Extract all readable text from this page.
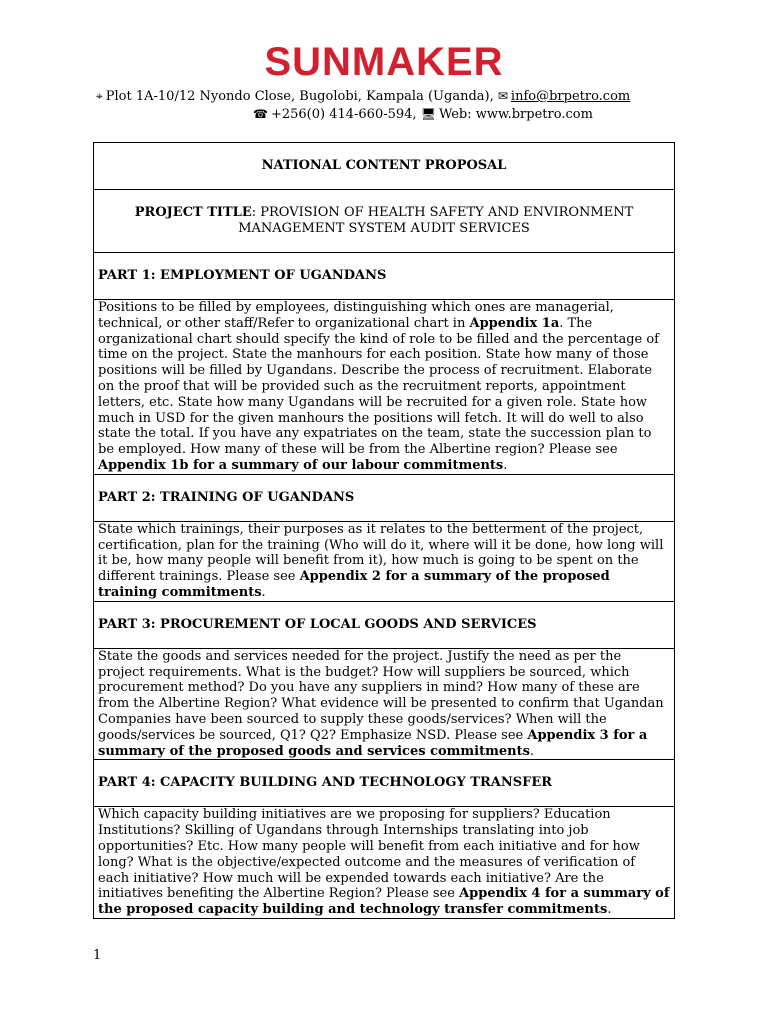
SUNMAKER
⌖ Plot 1A-10/12 Nyondo Close, Bugolobi, Kampala (Uganda), ✉ info@brpetro.com
☎ +256(0) 414-660-594, 🖥 Web: www.brpetro.com
NATIONAL CONTENT PROPOSAL
PROJECT TITLE: PROVISION OF HEALTH SAFETY AND ENVIRONMENT MANAGEMENT SYSTEM AUDIT SERVICES
PART 1: EMPLOYMENT OF UGANDANS
Positions to be filled by employees, distinguishing which ones are managerial, technical, or other staff/Refer to organizational chart in Appendix 1a. The organizational chart should specify the kind of role to be filled and the percentage of time on the project. State the manhours for each position. State how many of those positions will be filled by Ugandans. Describe the process of recruitment. Elaborate on the proof that will be provided such as the recruitment reports, appointment letters, etc. State how many Ugandans will be recruited for a given role. State how much in USD for the given manhours the positions will fetch. It will do well to also state the total. If you have any expatriates on the team, state the succession plan to be employed. How many of these will be from the Albertine region? Please see Appendix 1b for a summary of our labour commitments.
PART 2: TRAINING OF UGANDANS
State which trainings, their purposes as it relates to the betterment of the project, certification, plan for the training (Who will do it, where will it be done, how long will it be, how many people will benefit from it), how much is going to be spent on the different trainings. Please see Appendix 2 for a summary of the proposed training commitments.
PART 3: PROCUREMENT OF LOCAL GOODS AND SERVICES
State the goods and services needed for the project. Justify the need as per the project requirements. What is the budget? How will suppliers be sourced, which procurement method? Do you have any suppliers in mind? How many of these are from the Albertine Region? What evidence will be presented to confirm that Ugandan Companies have been sourced to supply these goods/services? When will the goods/services be sourced, Q1? Q2? Emphasize NSD. Please see Appendix 3 for a summary of the proposed goods and services commitments.
PART 4: CAPACITY BUILDING AND TECHNOLOGY TRANSFER
Which capacity building initiatives are we proposing for suppliers? Education Institutions? Skilling of Ugandans through Internships translating into job opportunities? Etc. How many people will benefit from each initiative and for how long? What is the objective/expected outcome and the measures of verification of each initiative? How much will be expended towards each initiative? Are the initiatives benefiting the Albertine Region? Please see Appendix 4 for a summary of the proposed capacity building and technology transfer commitments.
1
